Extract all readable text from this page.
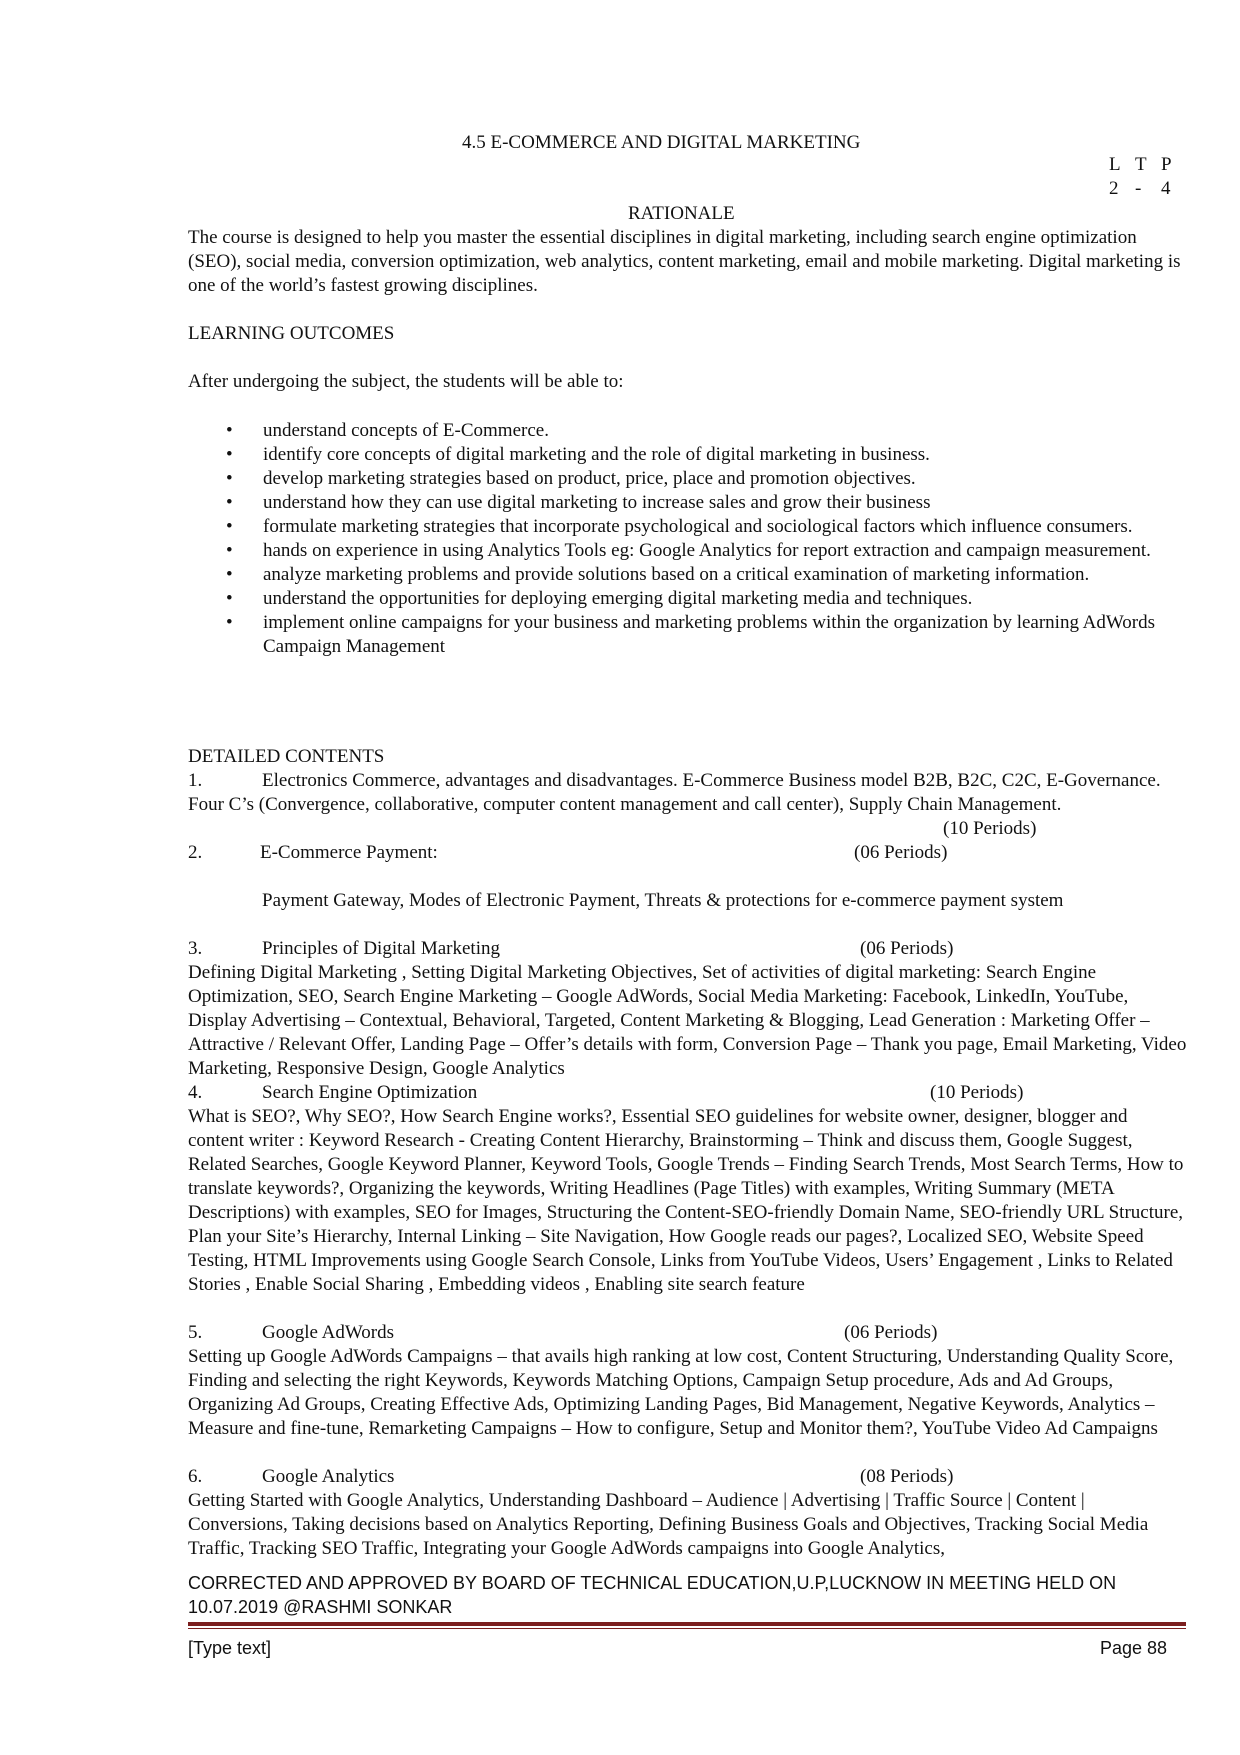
4.5 E-COMMERCE AND DIGITAL MARKETING
L T P
2 - 4
RATIONALE
The course is designed to help you master the essential disciplines in digital marketing, including search engine optimization (SEO), social media, conversion optimization, web analytics, content marketing, email and mobile marketing. Digital marketing is one of the world’s fastest growing disciplines.
LEARNING OUTCOMES
After undergoing the subject, the students will be able to:
• understand concepts of E-Commerce.
• identify core concepts of digital marketing and the role of digital marketing in business.
• develop marketing strategies based on product, price, place and promotion objectives.
• understand how they can use digital marketing to increase sales and grow their business
• formulate marketing strategies that incorporate psychological and sociological factors which influence consumers.
• hands on experience in using Analytics Tools eg: Google Analytics for report extraction and campaign measurement.
• analyze marketing problems and provide solutions based on a critical examination of marketing information.
• understand the opportunities for deploying emerging digital marketing media and techniques.
• implement online campaigns for your business and marketing problems within the organization by learning AdWords Campaign Management
DETAILED CONTENTS
1.	Electronics Commerce, advantages and disadvantages. E-Commerce Business model B2B, B2C, C2C, E-Governance. Four C’s (Convergence, collaborative, computer content management and call center), Supply Chain Management.
(10 Periods)
2.	E-Commerce Payment:	(06 Periods)
Payment Gateway, Modes of Electronic Payment, Threats & protections for e-commerce payment system
3.	Principles of Digital Marketing	(06 Periods)
Defining Digital Marketing , Setting Digital Marketing Objectives, Set of activities of digital marketing: Search Engine Optimization, SEO, Search Engine Marketing – Google AdWords, Social Media Marketing: Facebook, LinkedIn, YouTube, Display Advertising – Contextual, Behavioral, Targeted, Content Marketing & Blogging, Lead Generation : Marketing Offer – Attractive / Relevant Offer, Landing Page – Offer’s details with form, Conversion Page – Thank you page, Email Marketing, Video Marketing, Responsive Design, Google Analytics
4.	Search Engine Optimization	(10 Periods)
What is SEO?, Why SEO?, How Search Engine works?, Essential SEO guidelines for website owner, designer, blogger and content writer : Keyword Research - Creating Content Hierarchy, Brainstorming – Think and discuss them, Google Suggest, Related Searches, Google Keyword Planner, Keyword Tools, Google Trends – Finding Search Trends, Most Search Terms, How to translate keywords?, Organizing the keywords, Writing Headlines (Page Titles) with examples, Writing Summary (META Descriptions) with examples, SEO for Images, Structuring the Content-SEO-friendly Domain Name, SEO-friendly URL Structure, Plan your Site’s Hierarchy, Internal Linking – Site Navigation, How Google reads our pages?, Localized SEO, Website Speed Testing, HTML Improvements using Google Search Console, Links from YouTube Videos, Users’ Engagement , Links to Related Stories , Enable Social Sharing , Embedding videos , Enabling site search feature
5.	Google AdWords	(06 Periods)
Setting up Google AdWords Campaigns – that avails high ranking at low cost, Content Structuring, Understanding Quality Score, Finding and selecting the right Keywords, Keywords Matching Options, Campaign Setup procedure, Ads and Ad Groups, Organizing Ad Groups, Creating Effective Ads, Optimizing Landing Pages, Bid Management, Negative Keywords, Analytics – Measure and fine-tune, Remarketing Campaigns – How to configure, Setup and Monitor them?, YouTube Video Ad Campaigns
6.	Google Analytics	(08 Periods)
Getting Started with Google Analytics, Understanding Dashboard – Audience | Advertising | Traffic Source | Content | Conversions, Taking decisions based on Analytics Reporting, Defining Business Goals and Objectives, Tracking Social Media Traffic, Tracking SEO Traffic, Integrating your Google AdWords campaigns into Google Analytics,
CORRECTED AND APPROVED BY BOARD OF TECHNICAL EDUCATION,U.P,LUCKNOW IN MEETING HELD ON 10.07.2019 @RASHMI SONKAR
[Type text]	Page 88
